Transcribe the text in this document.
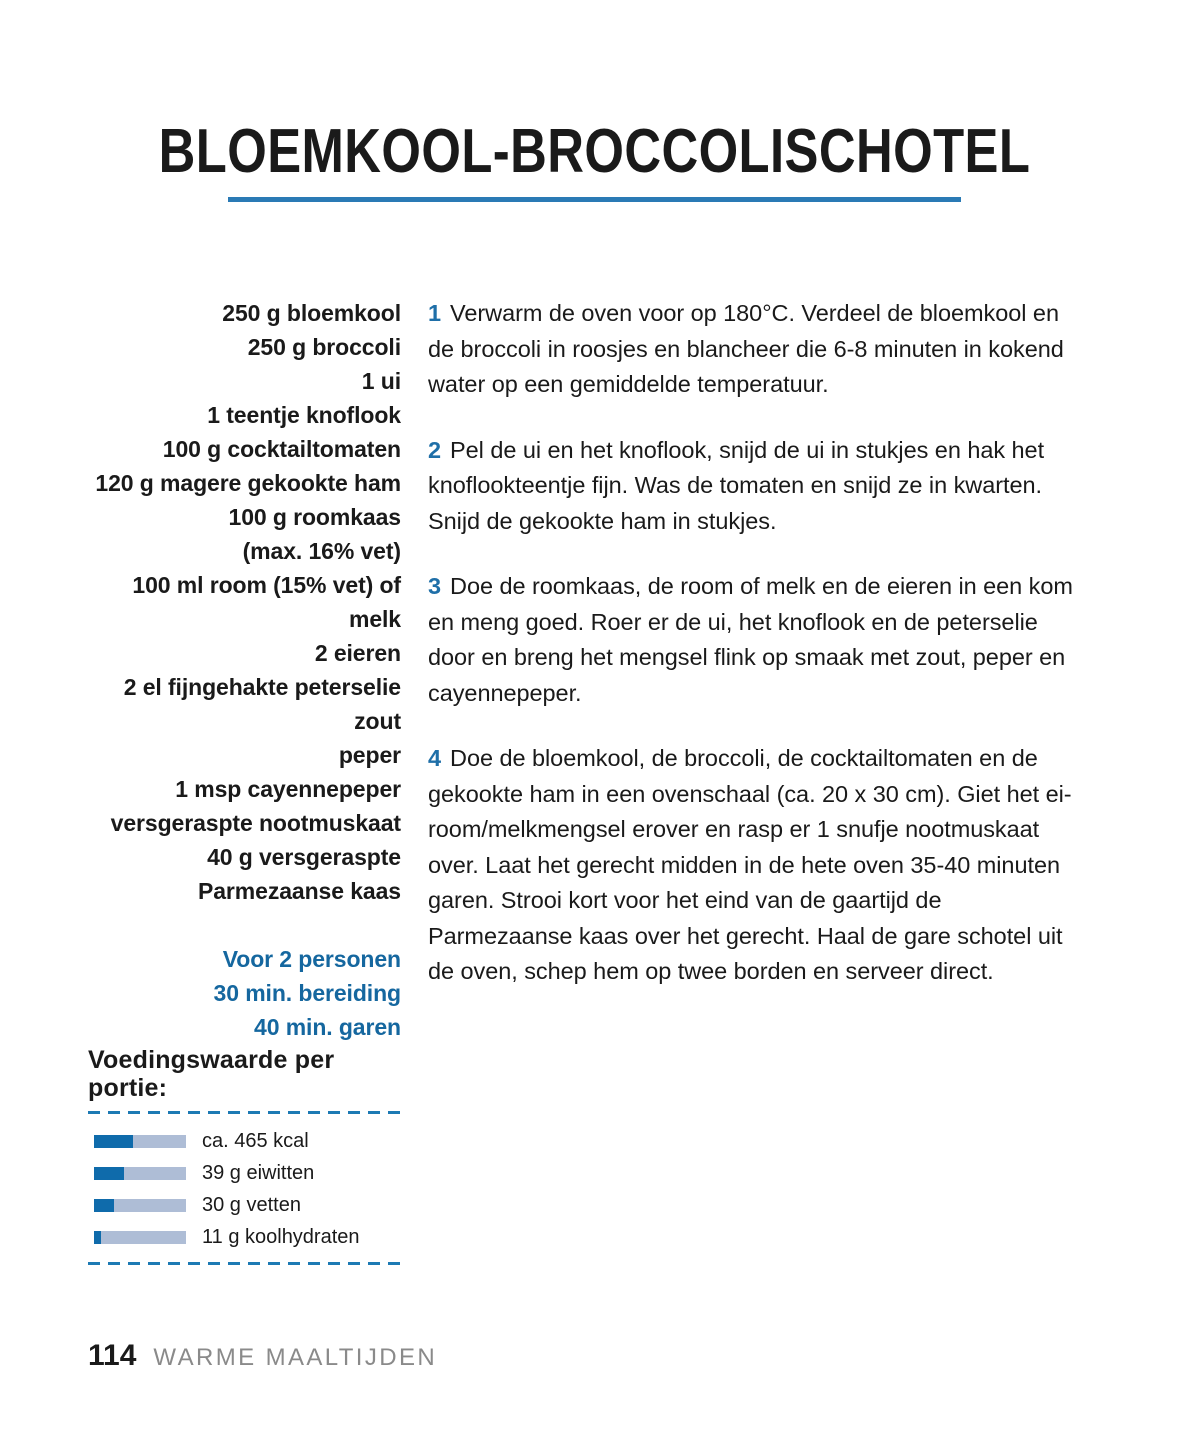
BLOEMKOOL-BROCCOLISCHOTEL
250 g bloemkool
250 g broccoli
1 ui
1 teentje knoflook
100 g cocktailtomaten
120 g magere gekookte ham
100 g roomkaas
(max. 16% vet)
100 ml room (15% vet) of
melk
2 eieren
2 el fijngehakte peterselie
zout
peper
1 msp cayennepeper
versgeraspte nootmuskaat
40 g versgeraspte
Parmezaanse kaas
Voor 2 personen
30 min. bereiding
40 min. garen

1 Verwarm de oven voor op 180°C. Verdeel de bloemkool en de broccoli in roosjes en blancheer die 6-8 minuten in kokend water op een gemiddelde temperatuur.

2 Pel de ui en het knoflook, snijd de ui in stukjes en hak het knoflookteentje fijn. Was de tomaten en snijd ze in kwarten. Snijd de gekookte ham in stukjes.

3 Doe de roomkaas, de room of melk en de eieren in een kom en meng goed. Roer er de ui, het knoflook en de peterselie door en breng het mengsel flink op smaak met zout, peper en cayennepeper.

4 Doe de bloemkool, de broccoli, de cocktailtomaten en de gekookte ham in een ovenschaal (ca. 20 x 30 cm). Giet het ei-room/melkmengsel erover en rasp er 1 snufje nootmuskaat over. Laat het gerecht midden in de hete oven 35-40 minuten garen. Strooi kort voor het eind van de gaartijd de Parmezaanse kaas over het gerecht. Haal de gare schotel uit de oven, schep hem op twee borden en serveer direct.

Voedingswaarde per portie:
ca. 465 kcal
39 g eiwitten
30 g vetten
11 g koolhydraten
114 WARME MAALTIJDEN
